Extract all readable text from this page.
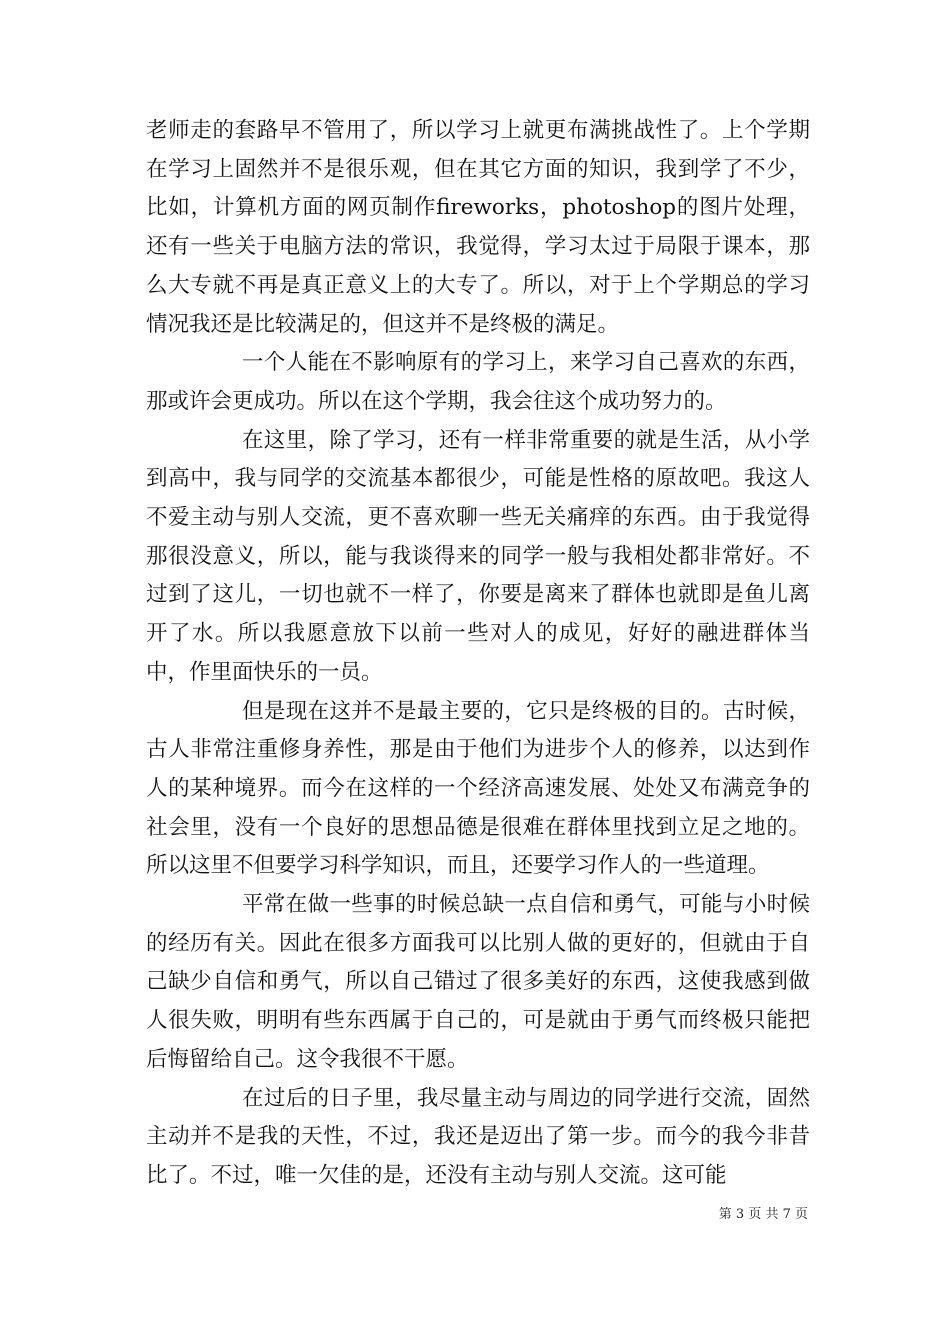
老师走的套路早不管用了，所以学习上就更布满挑战性了。上个学期在学习上固然并不是很乐观，但在其它方面的知识，我到学了不少，比如，计算机方面的网页制作fireworks，photoshop的图片处理，还有一些关于电脑方法的常识，我觉得，学习太过于局限于课本，那么大专就不再是真正意义上的大专了。所以，对于上个学期总的学习情况我还是比较满足的，但这并不是终极的满足。

一个人能在不影响原有的学习上，来学习自己喜欢的东西，那或许会更成功。所以在这个学期，我会往这个成功努力的。

在这里，除了学习，还有一样非常重要的就是生活，从小学到高中，我与同学的交流基本都很少，可能是性格的原故吧。我这人不爱主动与别人交流，更不喜欢聊一些无关痛痒的东西。由于我觉得那很没意义，所以，能与我谈得来的同学一般与我相处都非常好。不过到了这儿，一切也就不一样了，你要是离来了群体也就即是鱼儿离开了水。所以我愿意放下以前一些对人的成见，好好的融进群体当中，作里面快乐的一员。

但是现在这并不是最主要的，它只是终极的目的。古时候，古人非常注重修身养性，那是由于他们为进步个人的修养，以达到作人的某种境界。而今在这样的一个经济高速发展、处处又布满竞争的社会里，没有一个良好的思想品德是很难在群体里找到立足之地的。所以这里不但要学习科学知识，而且，还要学习作人的一些道理。

平常在做一些事的时候总缺一点自信和勇气，可能与小时候的经历有关。因此在很多方面我可以比别人做的更好的，但就由于自己缺少自信和勇气，所以自己错过了很多美好的东西，这使我感到做人很失败，明明有些东西属于自己的，可是就由于勇气而终极只能把后悔留给自己。这令我很不干愿。

在过后的日子里，我尽量主动与周边的同学进行交流，固然主动并不是我的天性，不过，我还是迈出了第一步。而今的我今非昔比了。不过，唯一欠佳的是，还没有主动与别人交流。这可能

第 3 页 共 7 页
